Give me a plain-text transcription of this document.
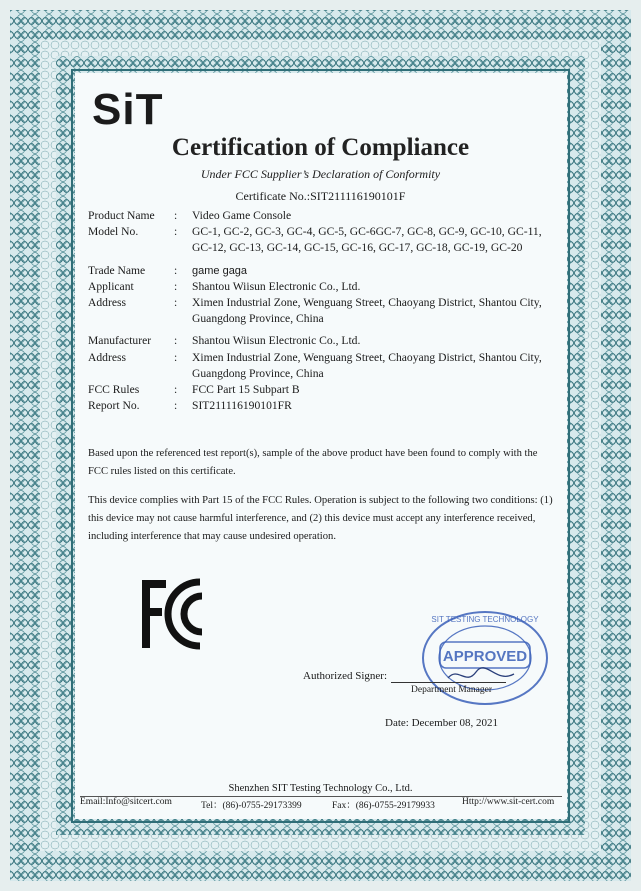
SiT
Certification of Compliance
Under FCC Supplier’s Declaration of Conformity
Certificate No.:SIT211116190101F
Product Name	:	Video Game Console
Model No.	:	GC-1, GC-2, GC-3, GC-4, GC-5, GC-6GC-7, GC-8, GC-9, GC-10, GC-11, GC-12, GC-13, GC-14, GC-15, GC-16, GC-17, GC-18, GC-19, GC-20
Trade Name	:	game gaga
Applicant	:	Shantou Wiisun Electronic Co., Ltd.
Address	:	Ximen Industrial Zone, Wenguang Street, Chaoyang District, Shantou City, Guangdong Province, China
Manufacturer	:	Shantou Wiisun Electronic Co., Ltd.
Address	:	Ximen Industrial Zone, Wenguang Street, Chaoyang District, Shantou City, Guangdong Province, China
FCC Rules	:	FCC Part 15 Subpart B
Report No.	:	SIT211116190101FR
Based upon the referenced test report(s), sample of the above product have been found to comply with the FCC rules listed on this certificate.
This device complies with Part 15 of the FCC Rules. Operation is subject to the following two conditions: (1) this device may not cause harmful interference, and (2) this device must accept any interference received, including interference that may cause undesired operation.
APPROVED
SIT TESTING TECHNOLOGY
Authorized Signer:
Department Manager
Date: December 08, 2021
Shenzhen SIT Testing Technology Co., Ltd.
Email:Info@sitcert.com	Tel：(86)-0755-29173399	Fax：(86)-0755-29179933	Http://www.sit-cert.com
